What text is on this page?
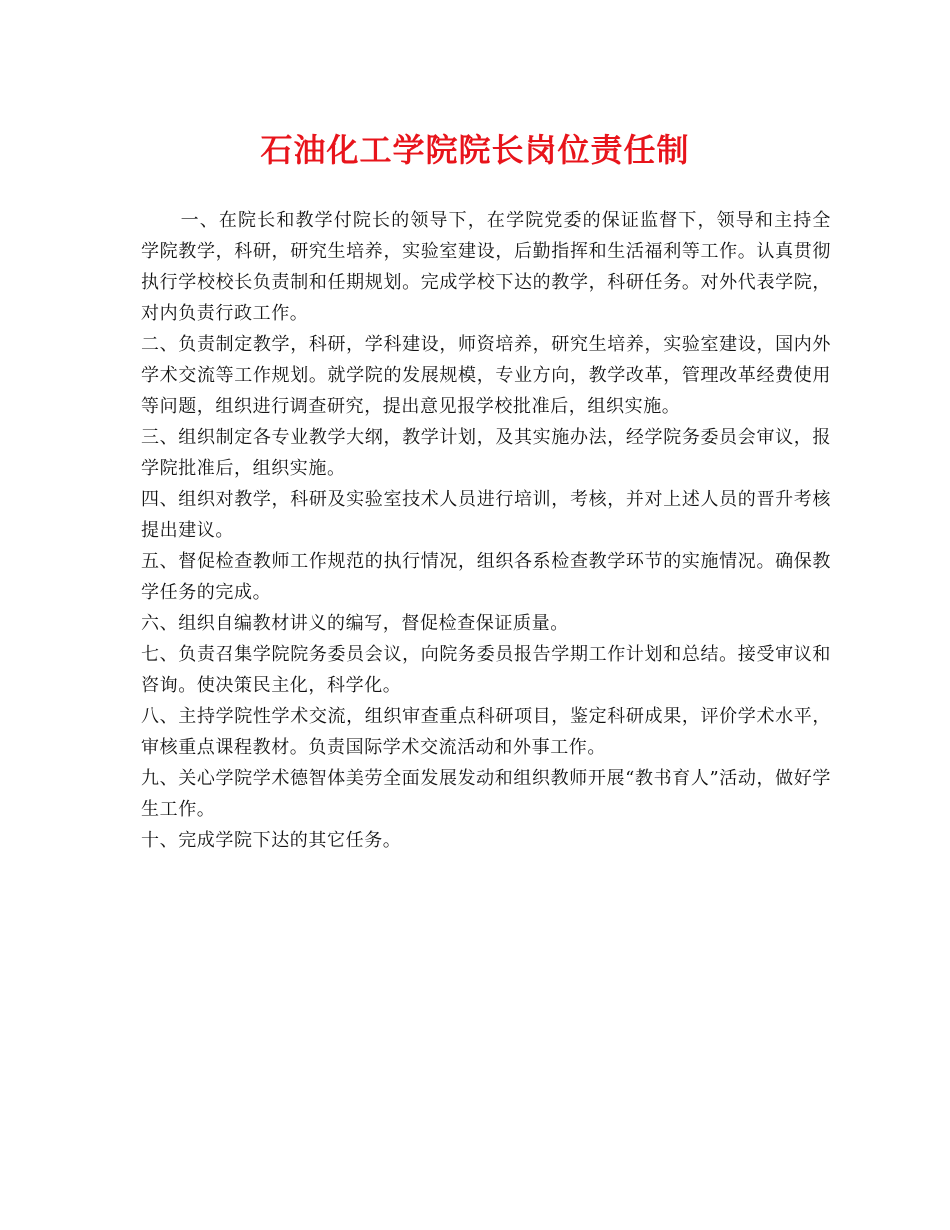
石油化工学院院长岗位责任制

一、在院长和教学付院长的领导下，在学院党委的保证监督下，领导和主持全学院教学，科研，研究生培养，实验室建设，后勤指挥和生活福利等工作。认真贯彻执行学校校长负责制和任期规划。完成学校下达的教学，科研任务。对外代表学院，对内负责行政工作。

二、负责制定教学，科研，学科建设，师资培养，研究生培养，实验室建设，国内外学术交流等工作规划。就学院的发展规模，专业方向，教学改革，管理改革经费使用等问题，组织进行调查研究，提出意见报学校批准后，组织实施。

三、组织制定各专业教学大纲，教学计划，及其实施办法，经学院务委员会审议，报学院批准后，组织实施。

四、组织对教学，科研及实验室技术人员进行培训，考核，并对上述人员的晋升考核提出建议。

五、督促检查教师工作规范的执行情况，组织各系检查教学环节的实施情况。确保教学任务的完成。

六、组织自编教材讲义的编写，督促检查保证质量。

七、负责召集学院院务委员会议，向院务委员报告学期工作计划和总结。接受审议和咨询。使决策民主化，科学化。

八、主持学院性学术交流，组织审查重点科研项目，鉴定科研成果，评价学术水平，审核重点课程教材。负责国际学术交流活动和外事工作。

九、关心学院学术德智体美劳全面发展发动和组织教师开展“教书育人”活动，做好学生工作。

十、完成学院下达的其它任务。
